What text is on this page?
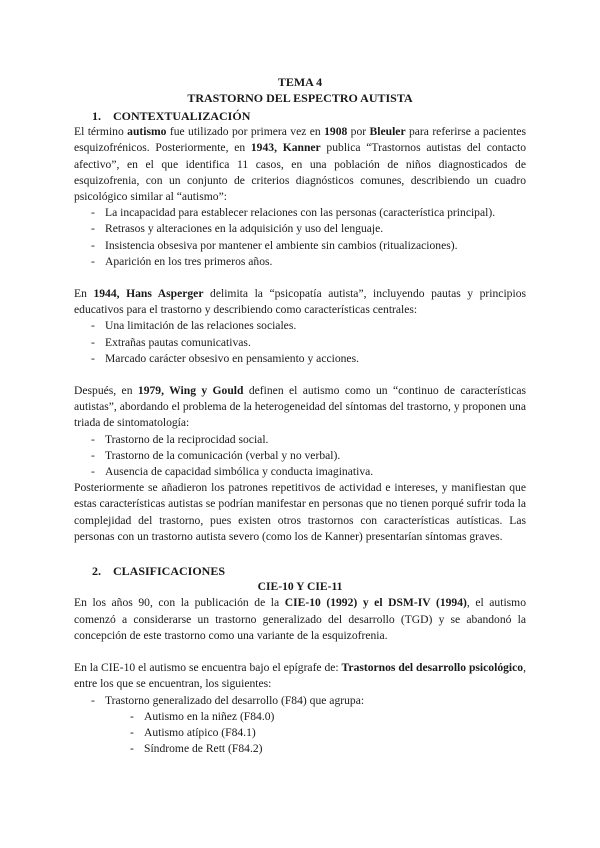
TEMA 4
TRASTORNO DEL ESPECTRO AUTISTA
1.	CONTEXTUALIZACIÓN

El término autismo fue utilizado por primera vez en 1908 por Bleuler para referirse a pacientes esquizofrénicos. Posteriormente, en 1943, Kanner publica “Trastornos autistas del contacto afectivo”, en el que identifica 11 casos, en una población de niños diagnosticados de esquizofrenia, con un conjunto de criterios diagnósticos comunes, describiendo un cuadro psicológico similar al “autismo”:

- La incapacidad para establecer relaciones con las personas (característica principal).
- Retrasos y alteraciones en la adquisición y uso del lenguaje.
- Insistencia obsesiva por mantener el ambiente sin cambios (ritualizaciones).
- Aparición en los tres primeros años.

En 1944, Hans Asperger delimita la “psicopatía autista”, incluyendo pautas y principios educativos para el trastorno y describiendo como características centrales:

- Una limitación de las relaciones sociales.
- Extrañas pautas comunicativas.
- Marcado carácter obsesivo en pensamiento y acciones.

Después, en 1979, Wing y Gould definen el autismo como un “continuo de características autistas”, abordando el problema de la heterogeneidad del síntomas del trastorno, y proponen una triada de sintomatología:

- Trastorno de la reciprocidad social.
- Trastorno de la comunicación (verbal y no verbal).
- Ausencia de capacidad simbólica y conducta imaginativa.

Posteriormente se añadieron los patrones repetitivos de actividad e intereses, y manifiestan que estas características autistas se podrían manifestar en personas que no tienen porqué sufrir toda la complejidad del trastorno, pues existen otros trastornos con características autísticas. Las personas con un trastorno autista severo (como los de Kanner) presentarían síntomas graves.

2.	CLASIFICACIONES
CIE-10 Y CIE-11

En los años 90, con la publicación de la CIE-10 (1992) y el DSM-IV (1994), el autismo comenzó a considerarse un trastorno generalizado del desarrollo (TGD) y se abandonó la concepción de este trastorno como una variante de la esquizofrenia.

En la CIE-10 el autismo se encuentra bajo el epígrafe de: Trastornos del desarrollo psicológico, entre los que se encuentran, los siguientes:

- Trastorno generalizado del desarrollo (F84) que agrupa:
- Autismo en la niñez (F84.0)
- Autismo atípico (F84.1)
- Síndrome de Rett (F84.2)
